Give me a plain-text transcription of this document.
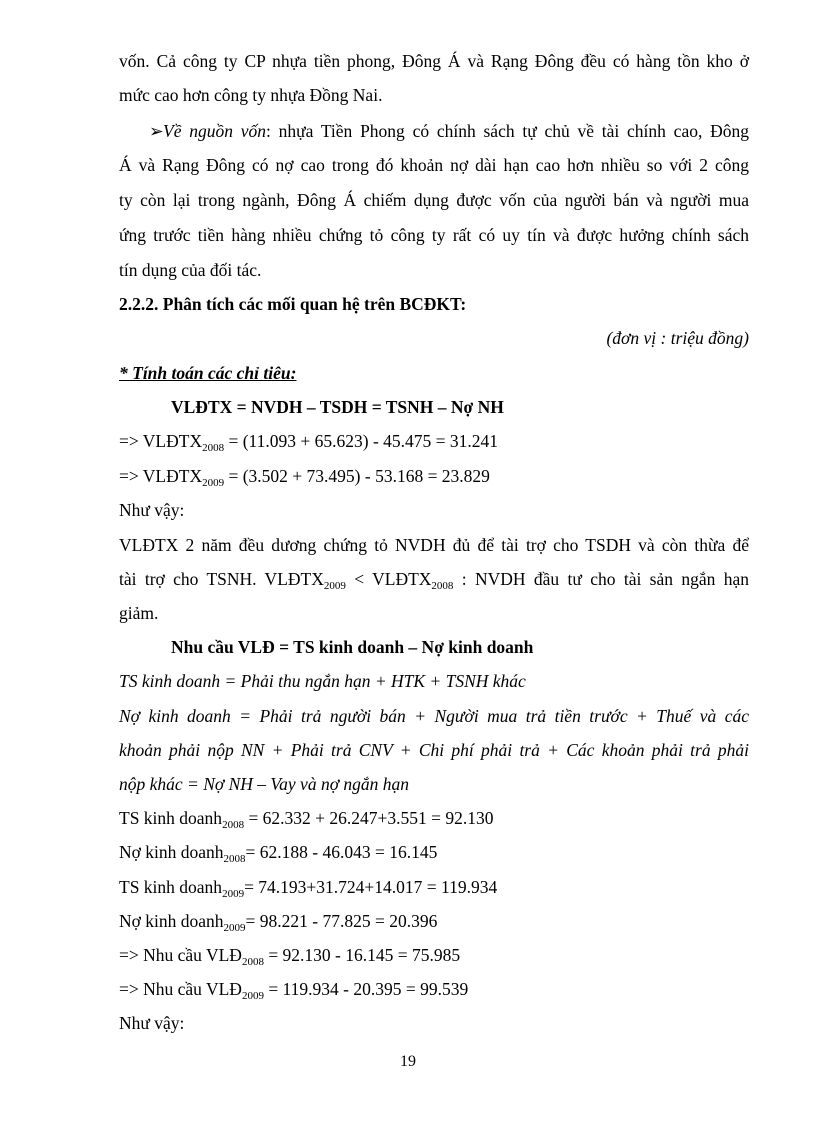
vốn. Cả công ty CP nhựa tiền phong, Đông Á và Rạng Đông đều có hàng tồn kho ở
mức cao hơn công ty nhựa Đồng Nai.
➢Về nguồn vốn: nhựa Tiền Phong có chính sách tự chủ về tài chính cao, Đông
Á và Rạng Đông có nợ cao trong đó khoản nợ dài hạn cao hơn nhiều so với 2 công
ty còn lại trong ngành, Đông Á chiếm dụng được vốn của người bán và người mua
ứng trước tiền hàng nhiều chứng tỏ công ty rất có uy tín và được hưởng chính sách
tín dụng của đối tác.
2.2.2. Phân tích các mối quan hệ trên BCĐKT:
(đơn vị : triệu đồng)
* Tính toán các chỉ tiêu:
VLĐTX = NVDH – TSDH = TSNH – Nợ NH
=> $VLĐTX_{2008} = (11.093 + 65.623) - 45.475 = 31.241$
=> $VLĐTX_{2009} = (3.502 + 73.495) - 53.168 = 23.829$
Như vậy:
VLĐTX 2 năm đều dương chứng tỏ NVDH đủ để tài trợ cho TSDH và còn thừa để
tài trợ cho TSNH. $VLĐTX_{2009}$ < $VLĐTX_{2008}$ : NVDH đầu tư cho tài sản ngắn hạn
giảm.
Nhu cầu VLĐ = TS kinh doanh – Nợ kinh doanh
TS kinh doanh = Phải thu ngắn hạn + HTK + TSNH khác
Nợ kinh doanh = Phải trả người bán + Người mua trả tiền trước + Thuế và các
khoản phải nộp NN + Phải trả CNV + Chi phí phải trả + Các khoản phải trả phải
nộp khác = Nợ NH – Vay và nợ ngắn hạn
TS kinh doanh$_{2008}$ = 62.332 + 26.247+3.551 = 92.130
Nợ kinh doanh$_{2008}$= 62.188 - 46.043 = 16.145
TS kinh doanh$_{2009}$= 74.193+31.724+14.017 = 119.934
Nợ kinh doanh$_{2009}$= 98.221 - 77.825 = 20.396
=> Nhu cầu $VLĐ_{2008} = 92.130 - 16.145 = 75.985$
=> Nhu cầu $VLĐ_{2009} = 119.934 - 20.395 = 99.539$
Như vậy:
19
